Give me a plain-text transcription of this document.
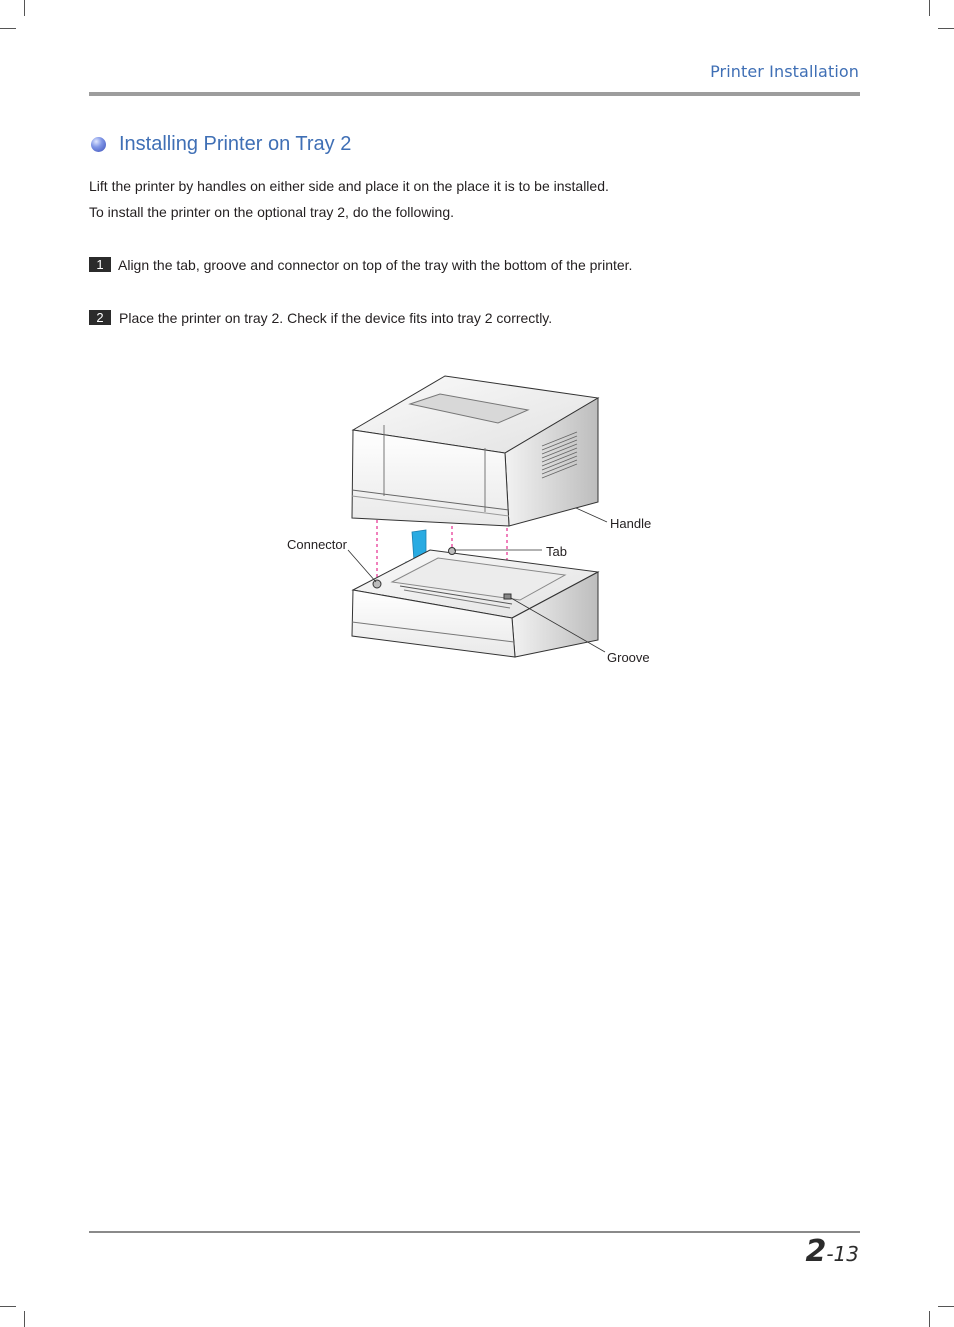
Printer Installation
Installing Printer on Tray 2
Lift the printer by handles on either side and place it on the place it is to be installed.
To install the printer on the optional tray 2, do the following.
1	Align the tab, groove and connector on top of the tray with the bottom of the printer.
2	Place the printer on tray 2. Check if the device fits into tray 2 correctly.
Handle
Connector	Tab
Groove
2-13
